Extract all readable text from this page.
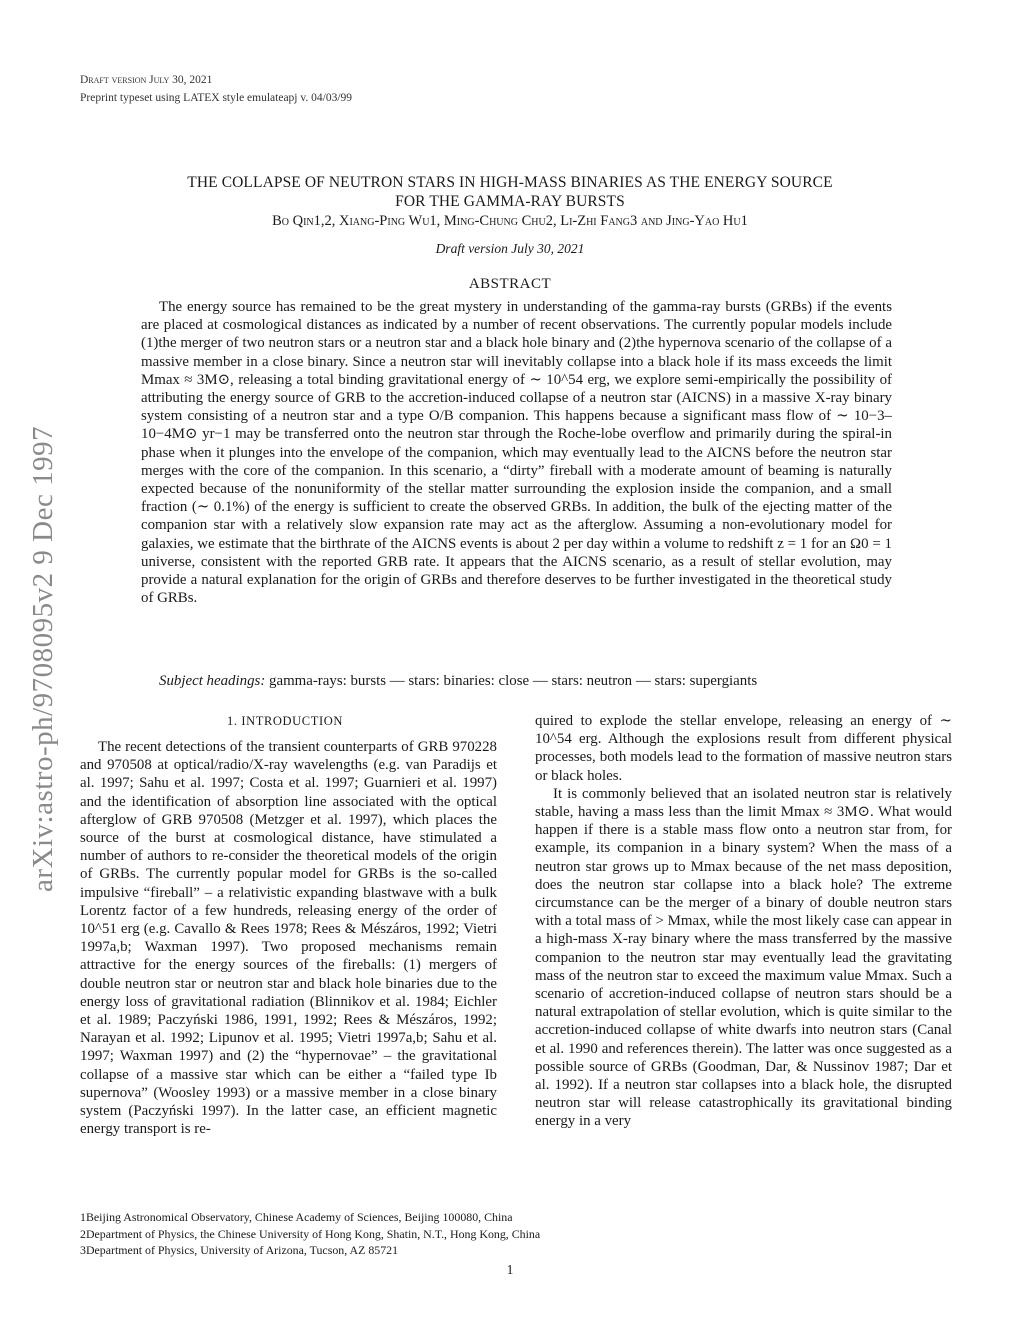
arXiv:astro-ph/9708095v2 9 Dec 1997
Draft version July 30, 2021
Preprint typeset using LATEX style emulateapj v. 04/03/99
THE COLLAPSE OF NEUTRON STARS IN HIGH-MASS BINARIES AS THE ENERGY SOURCE
FOR THE GAMMA-RAY BURSTS
Bo Qin1,2, Xiang-Ping Wu1, Ming-Chung Chu2, Li-Zhi Fang3 and Jing-Yao Hu1
Draft version July 30, 2021
ABSTRACT

The energy source has remained to be the great mystery in understanding of the gamma-ray bursts (GRBs) if the events are placed at cosmological distances as indicated by a number of recent observations. The currently popular models include (1)the merger of two neutron stars or a neutron star and a black hole binary and (2)the hypernova scenario of the collapse of a massive member in a close binary. Since a neutron star will inevitably collapse into a black hole if its mass exceeds the limit Mmax ≈ 3M⊙, releasing a total binding gravitational energy of ∼ 10^54 erg, we explore semi-empirically the possibility of attributing the energy source of GRB to the accretion-induced collapse of a neutron star (AICNS) in a massive X-ray binary system consisting of a neutron star and a type O/B companion. This happens because a significant mass flow of ∼ 10−3–10−4M⊙ yr−1 may be transferred onto the neutron star through the Roche-lobe overflow and primarily during the spiral-in phase when it plunges into the envelope of the companion, which may eventually lead to the AICNS before the neutron star merges with the core of the companion. In this scenario, a “dirty” fireball with a moderate amount of beaming is naturally expected because of the nonuniformity of the stellar matter surrounding the explosion inside the companion, and a small fraction (∼ 0.1%) of the energy is sufficient to create the observed GRBs. In addition, the bulk of the ejecting matter of the companion star with a relatively slow expansion rate may act as the afterglow. Assuming a non-evolutionary model for galaxies, we estimate that the birthrate of the AICNS events is about 2 per day within a volume to redshift z = 1 for an Ω0 = 1 universe, consistent with the reported GRB rate. It appears that the AICNS scenario, as a result of stellar evolution, may provide a natural explanation for the origin of GRBs and therefore deserves to be further investigated in the theoretical study of GRBs.

Subject headings: gamma-rays: bursts — stars: binaries: close — stars: neutron — stars: supergiants
1. INTRODUCTION

The recent detections of the transient counterparts of GRB 970228 and 970508 at optical/radio/X-ray wavelengths (e.g. van Paradijs et al. 1997; Sahu et al. 1997; Costa et al. 1997; Guarnieri et al. 1997) and the identification of absorption line associated with the optical afterglow of GRB 970508 (Metzger et al. 1997), which places the source of the burst at cosmological distance, have stimulated a number of authors to re-consider the theoretical models of the origin of GRBs. The currently popular model for GRBs is the so-called impulsive “fireball” – a relativistic expanding blastwave with a bulk Lorentz factor of a few hundreds, releasing energy of the order of 10^51 erg (e.g. Cavallo & Rees 1978; Rees & Mészáros, 1992; Vietri 1997a,b; Waxman 1997). Two proposed mechanisms remain attractive for the energy sources of the fireballs: (1) mergers of double neutron star or neutron star and black hole binaries due to the energy loss of gravitational radiation (Blinnikov et al. 1984; Eichler et al. 1989; Paczyński 1986, 1991, 1992; Rees & Mészáros, 1992; Narayan et al. 1992; Lipunov et al. 1995; Vietri 1997a,b; Sahu et al. 1997; Waxman 1997) and (2) the “hypernovae” – the gravitational collapse of a massive star which can be either a “failed type Ib supernova” (Woosley 1993) or a massive member in a close binary system (Paczyński 1997). In the latter case, an efficient magnetic energy transport is re-

quired to explode the stellar envelope, releasing an energy of ∼ 10^54 erg. Although the explosions result from different physical processes, both models lead to the formation of massive neutron stars or black holes.

It is commonly believed that an isolated neutron star is relatively stable, having a mass less than the limit Mmax ≈ 3M⊙. What would happen if there is a stable mass flow onto a neutron star from, for example, its companion in a binary system? When the mass of a neutron star grows up to Mmax because of the net mass deposition, does the neutron star collapse into a black hole? The extreme circumstance can be the merger of a binary of double neutron stars with a total mass of > Mmax, while the most likely case can appear in a high-mass X-ray binary where the mass transferred by the massive companion to the neutron star may eventually lead the gravitating mass of the neutron star to exceed the maximum value Mmax. Such a scenario of accretion-induced collapse of neutron stars should be a natural extrapolation of stellar evolution, which is quite similar to the accretion-induced collapse of white dwarfs into neutron stars (Canal et al. 1990 and references therein). The latter was once suggested as a possible source of GRBs (Goodman, Dar, & Nussinov 1987; Dar et al. 1992). If a neutron star collapses into a black hole, the disrupted neutron star will release catastrophically its gravitational binding energy in a very

1Beijing Astronomical Observatory, Chinese Academy of Sciences, Beijing 100080, China
2Department of Physics, the Chinese University of Hong Kong, Shatin, N.T., Hong Kong, China
3Department of Physics, University of Arizona, Tucson, AZ 85721
1
